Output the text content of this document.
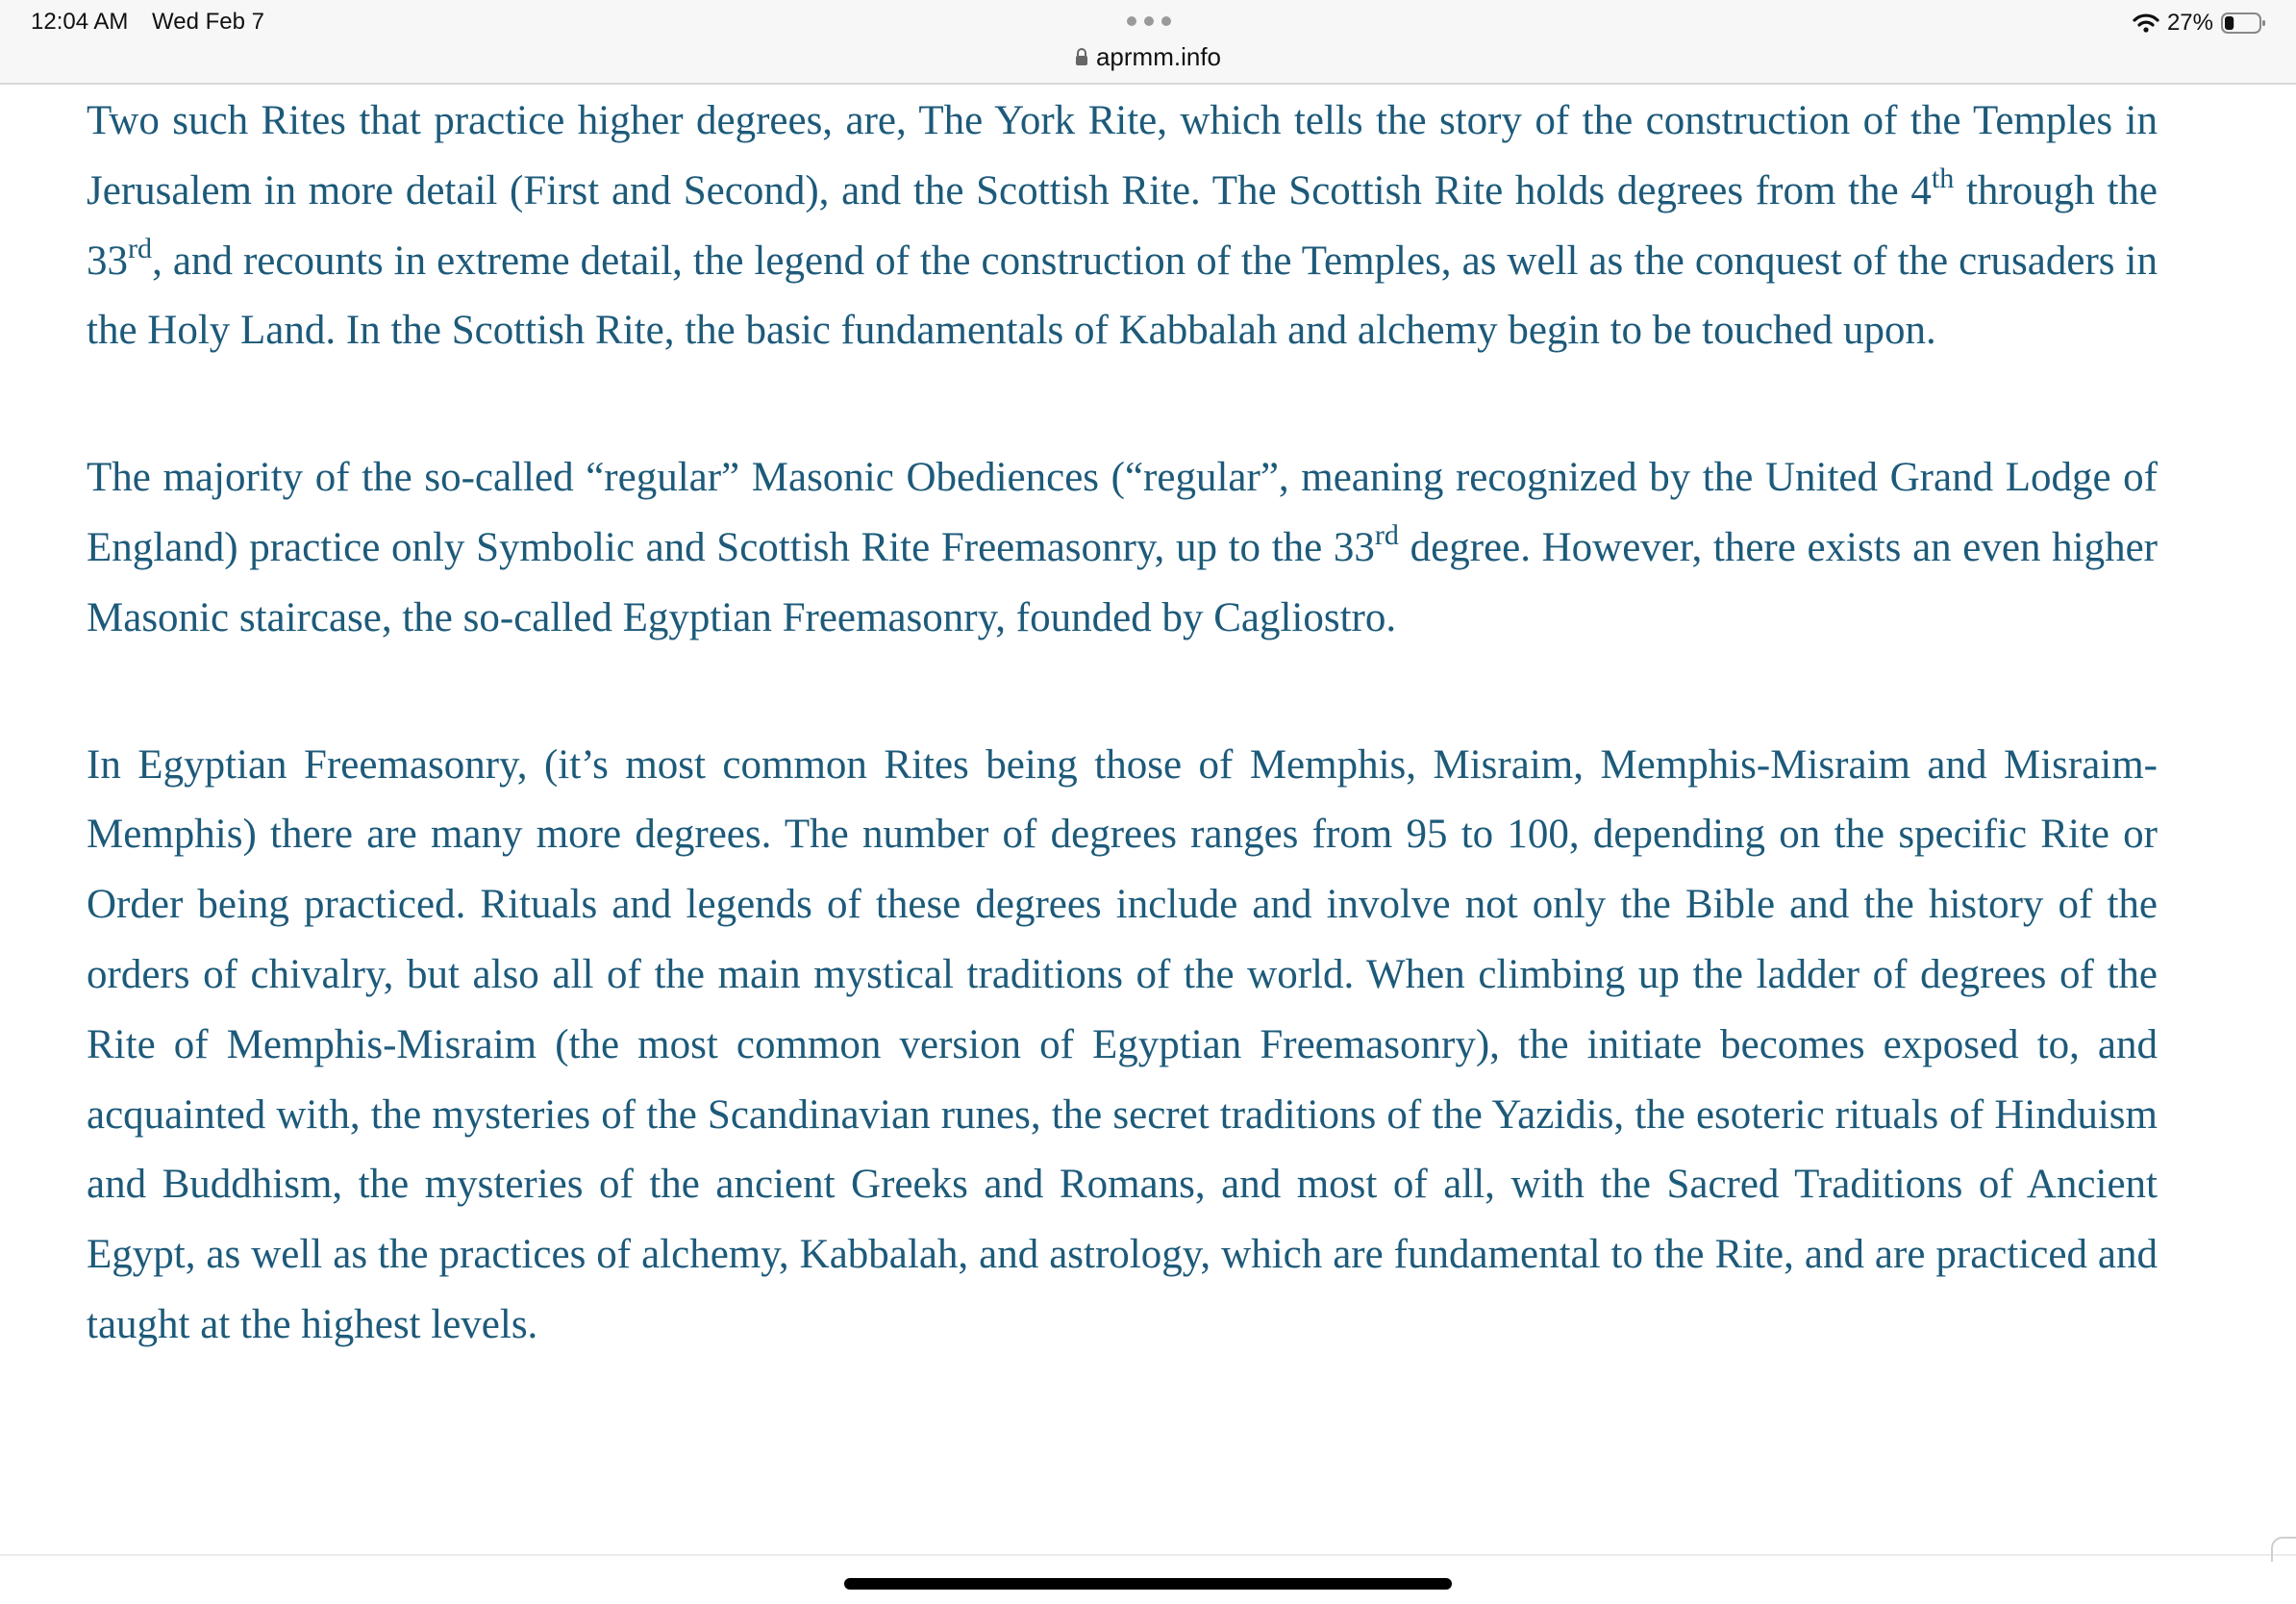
12:04 AM Wed Feb 7
aprmm.info
27%

Two such Rites that practice higher degrees, are, The York Rite, which tells the story of the construction of the Temples in Jerusalem in more detail (First and Second), and the Scottish Rite. The Scottish Rite holds degrees from the 4th through the 33rd, and recounts in extreme detail, the legend of the construction of the Temples, as well as the conquest of the crusaders in the Holy Land. In the Scottish Rite, the basic fundamentals of Kabbalah and alchemy begin to be touched upon.

The majority of the so-called “regular” Masonic Obediences (“regular”, meaning recognized by the United Grand Lodge of England) practice only Symbolic and Scottish Rite Freemasonry, up to the 33rd degree. However, there exists an even higher Masonic staircase, the so-called Egyptian Freemasonry, founded by Cagliostro.

In Egyptian Freemasonry, (it’s most common Rites being those of Memphis, Misraim, Memphis-Misraim and Misraim-Memphis) there are many more degrees. The number of degrees ranges from 95 to 100, depending on the specific Rite or Order being practiced. Rituals and legends of these degrees include and involve not only the Bible and the history of the orders of chivalry, but also all of the main mystical traditions of the world. When climbing up the ladder of degrees of the Rite of Memphis-Misraim (the most common version of Egyptian Freemasonry), the initiate becomes exposed to, and acquainted with, the mysteries of the Scandinavian runes, the secret traditions of the Yazidis, the esoteric rituals of Hinduism and Buddhism, the mysteries of the ancient Greeks and Romans, and most of all, with the Sacred Traditions of Ancient Egypt, as well as the practices of alchemy, Kabbalah, and astrology, which are fundamental to the Rite, and are practiced and taught at the highest levels.
